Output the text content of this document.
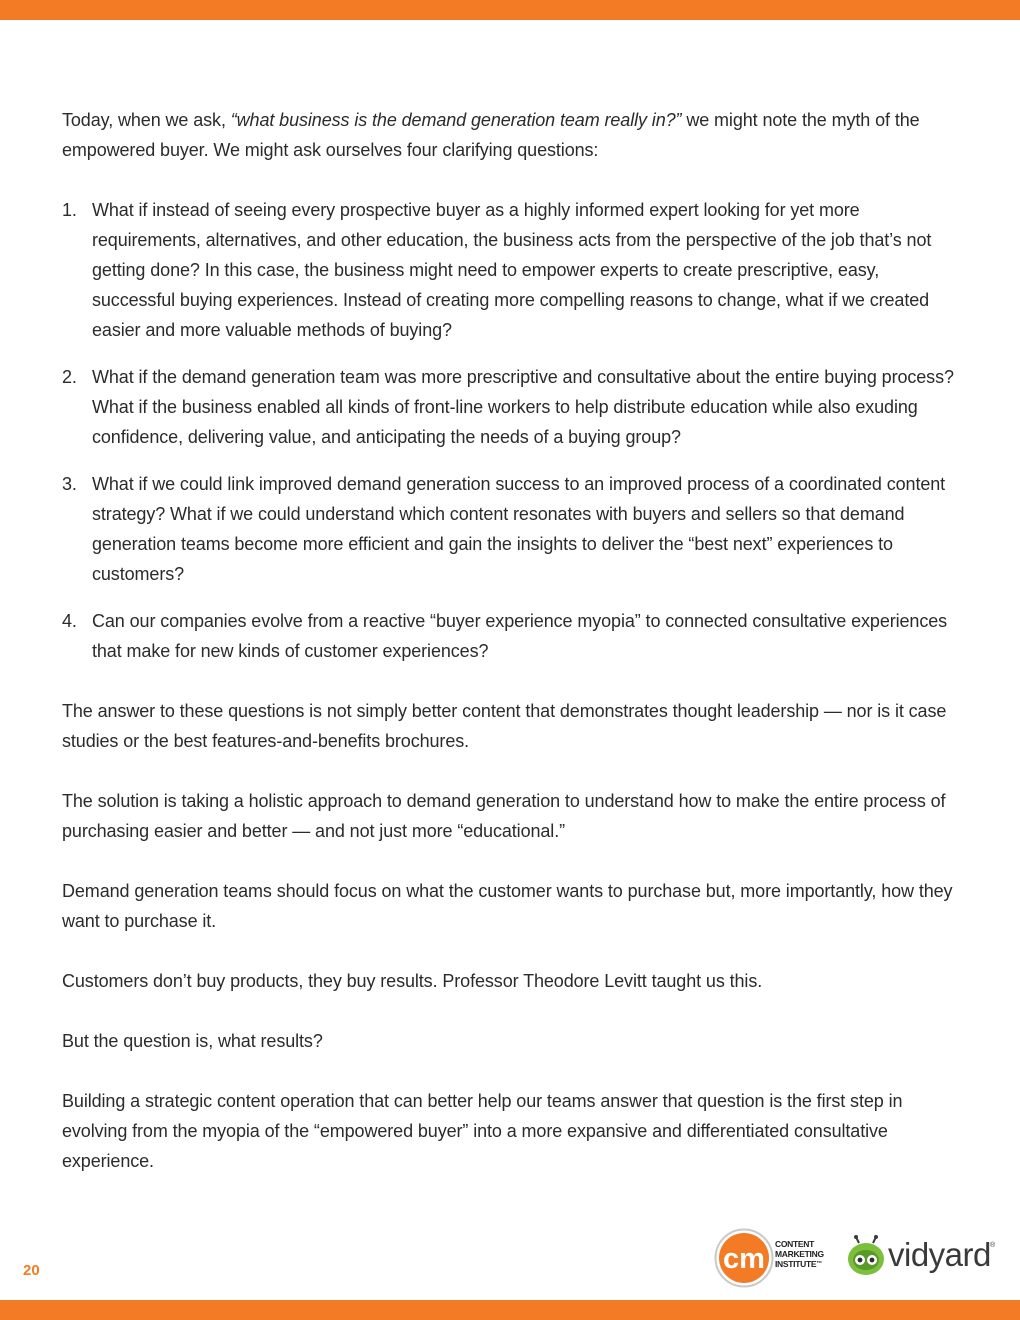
Today, when we ask, “what business is the demand generation team really in?” we might note the myth of the empowered buyer. We might ask ourselves four clarifying questions:

1. What if instead of seeing every prospective buyer as a highly informed expert looking for yet more requirements, alternatives, and other education, the business acts from the perspective of the job that’s not getting done? In this case, the business might need to empower experts to create prescriptive, easy, successful buying experiences. Instead of creating more compelling reasons to change, what if we created easier and more valuable methods of buying?
2. What if the demand generation team was more prescriptive and consultative about the entire buying process? What if the business enabled all kinds of front-line workers to help distribute education while also exuding confidence, delivering value, and anticipating the needs of a buying group?
3. What if we could link improved demand generation success to an improved process of a coordinated content strategy? What if we could understand which content resonates with buyers and sellers so that demand generation teams become more efficient and gain the insights to deliver the “best next” experiences to customers?
4. Can our companies evolve from a reactive “buyer experience myopia” to connected consultative experiences that make for new kinds of customer experiences?

The answer to these questions is not simply better content that demonstrates thought leadership — nor is it case studies or the best features-and-benefits brochures.

The solution is taking a holistic approach to demand generation to understand how to make the entire process of purchasing easier and better — and not just more “educational.”

Demand generation teams should focus on what the customer wants to purchase but, more importantly, how they want to purchase it.

Customers don’t buy products, they buy results. Professor Theodore Levitt taught us this.

But the question is, what results?

Building a strategic content operation that can better help our teams answer that question is the first step in evolving from the myopia of the “empowered buyer” into a more expansive and differentiated consultative experience.

20	cm CONTENT
MARKETING
INSTITUTE™ vidyard ®
